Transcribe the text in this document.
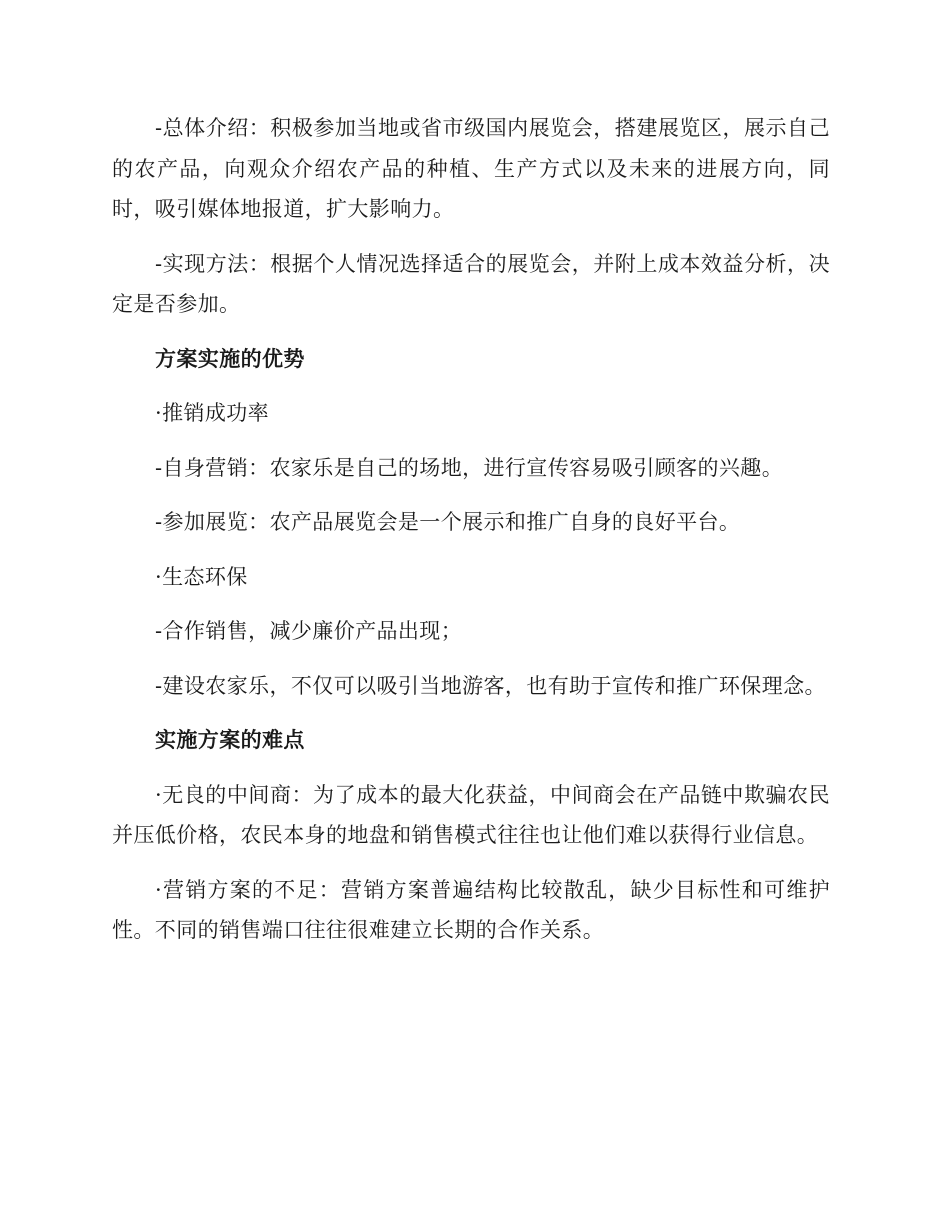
-总体介绍：积极参加当地或省市级国内展览会，搭建展览区，展示自己的农产品，向观众介绍农产品的种植、生产方式以及未来的进展方向，同时，吸引媒体地报道，扩大影响力。

-实现方法：根据个人情况选择适合的展览会，并附上成本效益分析，决定是否参加。

方案实施的优势

·推销成功率

-自身营销：农家乐是自己的场地，进行宣传容易吸引顾客的兴趣。

-参加展览：农产品展览会是一个展示和推广自身的良好平台。

·生态环保

-合作销售，减少廉价产品出现；

-建设农家乐，不仅可以吸引当地游客，也有助于宣传和推广环保理念。

实施方案的难点

·无良的中间商：为了成本的最大化获益，中间商会在产品链中欺骗农民并压低价格，农民本身的地盘和销售模式往往也让他们难以获得行业信息。

·营销方案的不足：营销方案普遍结构比较散乱，缺少目标性和可维护性。不同的销售端口往往很难建立长期的合作关系。
